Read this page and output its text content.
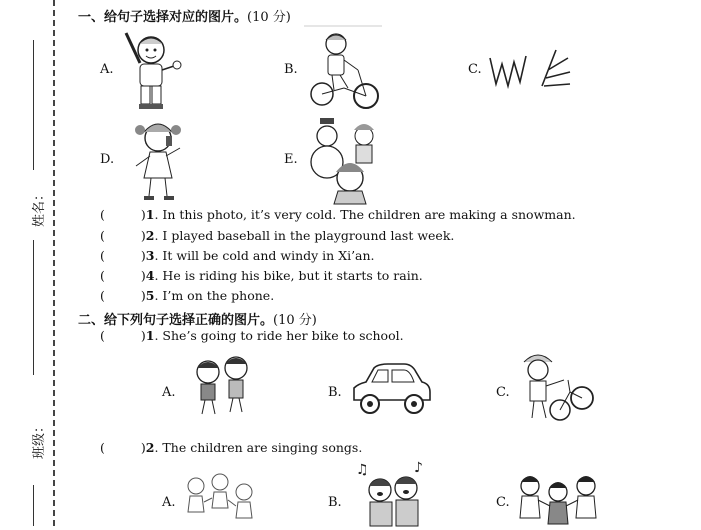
姓名：
班级：
一、给句子选择对应的图片。(10 分)
A.	B.	C.
D.	E.
(	)1. In this photo, it’s very cold. The children are making a snowman.
(	)2. I played baseball in the playground last week.
(	)3. It will be cold and windy in Xi’an.
(	)4. He is riding his bike, but it starts to rain.
(	)5. I’m on the phone.
二、给下列句子选择正确的图片。(10 分)
(	)1. She’s going to ride her bike to school.
A.	B.	C.
(	)2. The children are singing songs.
A.	B.
♫	♪
C.
